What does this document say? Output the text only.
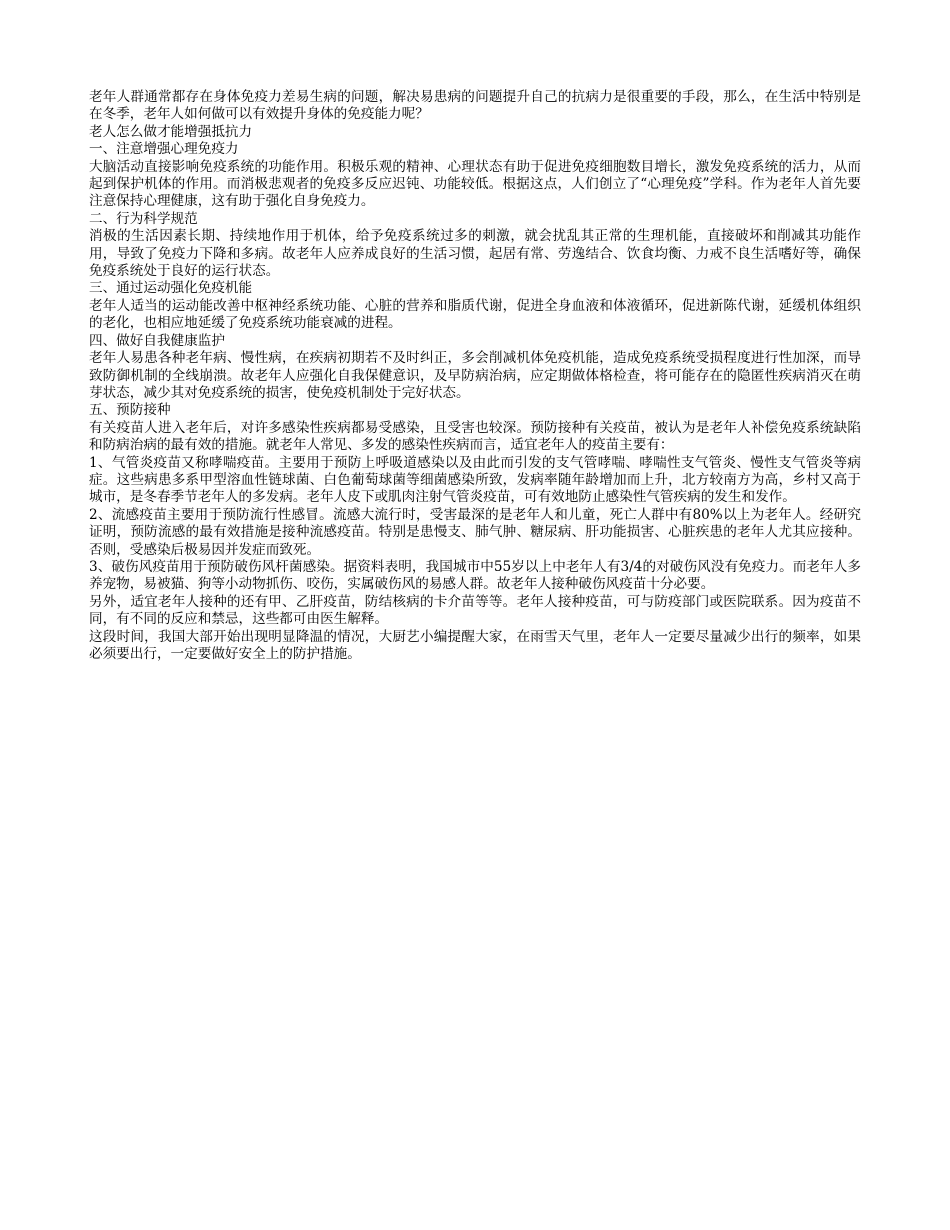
老年人群通常都存在身体免疫力差易生病的问题，解决易患病的问题提升自己的抗病力是很重要的手段，那么，在生活中特别是在冬季，老年人如何做可以有效提升身体的免疫能力呢？

老人怎么做才能增强抵抗力

一、注意增强心理免疫力

大脑活动直接影响免疫系统的功能作用。积极乐观的精神、心理状态有助于促进免疫细胞数目增长，激发免疫系统的活力，从而起到保护机体的作用。而消极悲观者的免疫多反应迟钝、功能较低。根据这点，人们创立了“心理免疫”学科。作为老年人首先要注意保持心理健康，这有助于强化自身免疫力。

二、行为科学规范

消极的生活因素长期、持续地作用于机体，给予免疫系统过多的刺激，就会扰乱其正常的生理机能，直接破坏和削减其功能作用，导致了免疫力下降和多病。故老年人应养成良好的生活习惯，起居有常、劳逸结合、饮食均衡、力戒不良生活嗜好等，确保免疫系统处于良好的运行状态。

三、通过运动强化免疫机能

老年人适当的运动能改善中枢神经系统功能、心脏的营养和脂质代谢，促进全身血液和体液循环，促进新陈代谢，延缓机体组织的老化，也相应地延缓了免疫系统功能衰减的进程。

四、做好自我健康监护

老年人易患各种老年病、慢性病，在疾病初期若不及时纠正，多会削减机体免疫机能，造成免疫系统受损程度进行性加深，而导致防御机制的全线崩溃。故老年人应强化自我保健意识，及早防病治病，应定期做体格检查，将可能存在的隐匿性疾病消灭在萌芽状态，减少其对免疫系统的损害，使免疫机制处于完好状态。

五、预防接种

有关疫苗人进入老年后，对许多感染性疾病都易受感染，且受害也较深。预防接种有关疫苗，被认为是老年人补偿免疫系统缺陷和防病治病的最有效的措施。就老年人常见、多发的感染性疾病而言，适宜老年人的疫苗主要有：

1、气管炎疫苗又称哮喘疫苗。主要用于预防上呼吸道感染以及由此而引发的支气管哮喘、哮喘性支气管炎、慢性支气管炎等病症。这些病患多系甲型溶血性链球菌、白色葡萄球菌等细菌感染所致，发病率随年龄增加而上升，北方较南方为高，乡村又高于城市，是冬春季节老年人的多发病。老年人皮下或肌肉注射气管炎疫苗，可有效地防止感染性气管疾病的发生和发作。

2、流感疫苗主要用于预防流行性感冒。流感大流行时，受害最深的是老年人和儿童，死亡人群中有80%以上为老年人。经研究证明，预防流感的最有效措施是接种流感疫苗。特别是患慢支、肺气肿、糖尿病、肝功能损害、心脏疾患的老年人尤其应接种。否则，受感染后极易因并发症而致死。

3、破伤风疫苗用于预防破伤风杆菌感染。据资料表明，我国城市中55岁以上中老年人有3/4的对破伤风没有免疫力。而老年人多养宠物，易被猫、狗等小动物抓伤、咬伤，实属破伤风的易感人群。故老年人接种破伤风疫苗十分必要。

另外，适宜老年人接种的还有甲、乙肝疫苗，防结核病的卡介苗等等。老年人接种疫苗，可与防疫部门或医院联系。因为疫苗不同，有不同的反应和禁忌，这些都可由医生解释。

这段时间，我国大部开始出现明显降温的情况，大厨艺小编提醒大家，在雨雪天气里，老年人一定要尽量减少出行的频率，如果必须要出行，一定要做好安全上的防护措施。
